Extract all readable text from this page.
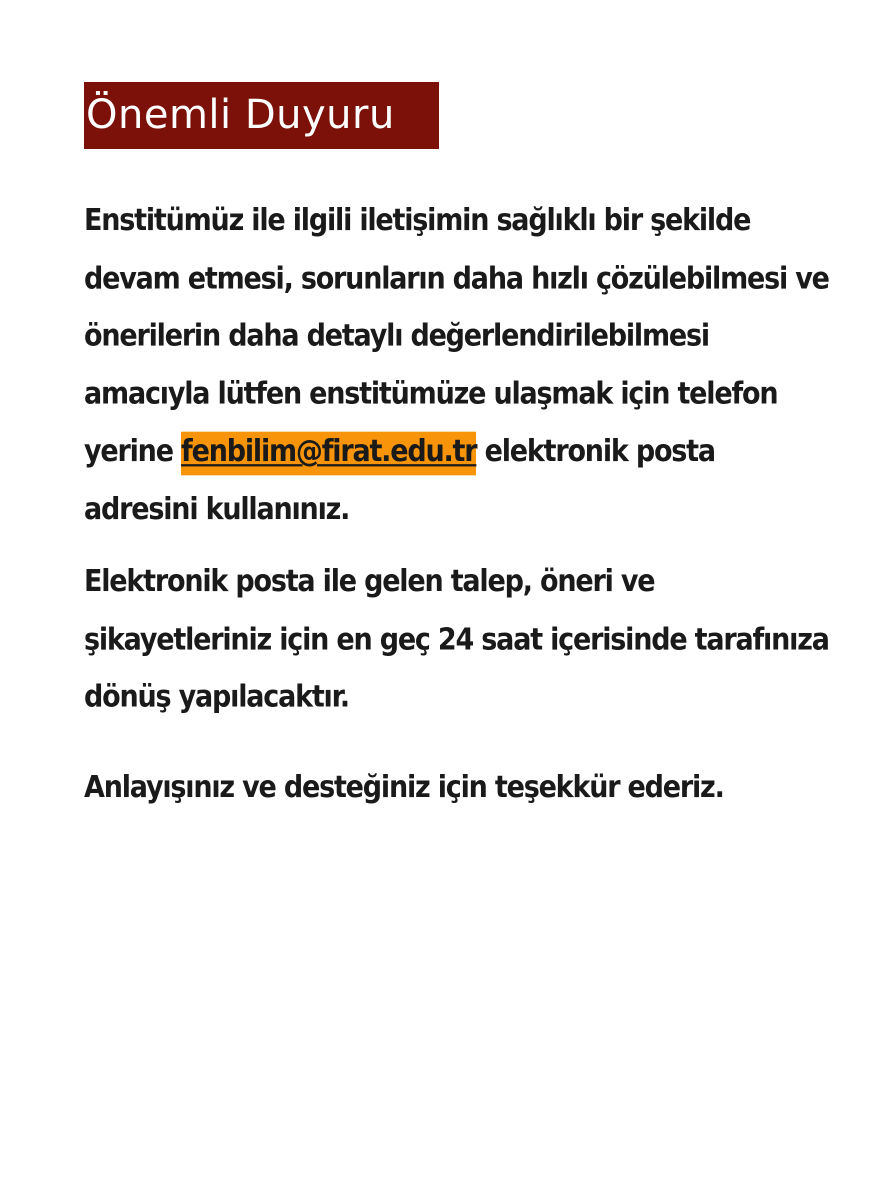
Önemli Duyuru
Enstitümüz ile ilgili iletişimin sağlıklı bir şekilde
devam etmesi, sorunların daha hızlı çözülebilmesi ve
önerilerin daha detaylı değerlendirilebilmesi
amacıyla lütfen enstitümüze ulaşmak için telefon
yerine fenbilim@firat.edu.tr elektronik posta
adresini kullanınız.
Elektronik posta ile gelen talep, öneri ve
şikayetleriniz için en geç 24 saat içerisinde tarafınıza
dönüş yapılacaktır.
Anlayışınız ve desteğiniz için teşekkür ederiz.
